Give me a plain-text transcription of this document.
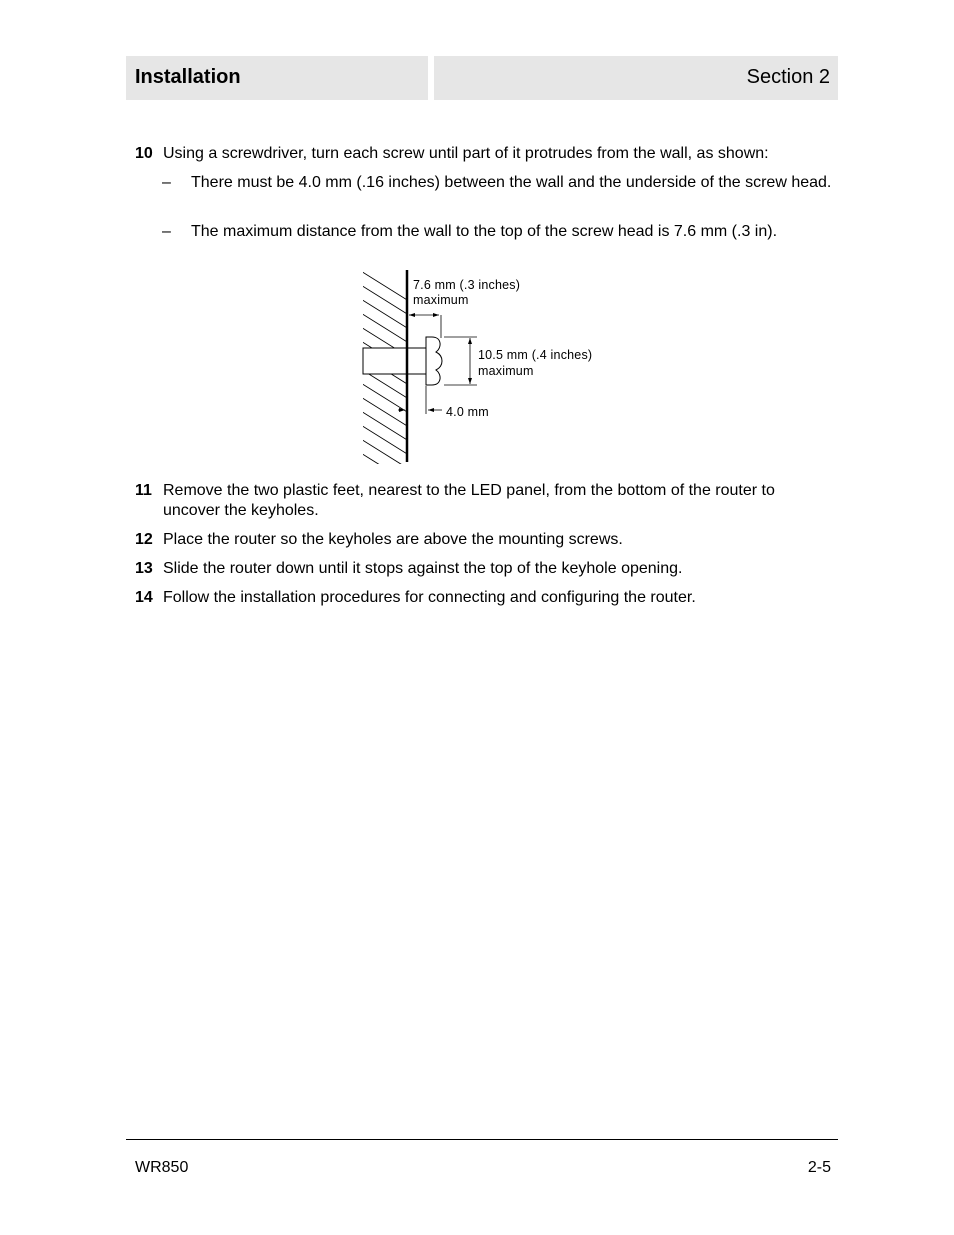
Installation	Section 2
10 Using a screwdriver, turn each screw until part of it protrudes from the wall, as shown:
– There must be 4.0 mm (.16 inches) between the wall and the underside of the screw head.
– The maximum distance from the wall to the top of the screw head is 7.6 mm (.3 in).
7.6 mm (.3 inches)
maximum
10.5 mm (.4 inches)
maximum
4.0 mm
11 Remove the two plastic feet, nearest to the LED panel, from the bottom of the router to uncover the keyholes.
12 Place the router so the keyholes are above the mounting screws.
13 Slide the router down until it stops against the top of the keyhole opening.
14 Follow the installation procedures for connecting and configuring the router.
WR850	2-5
